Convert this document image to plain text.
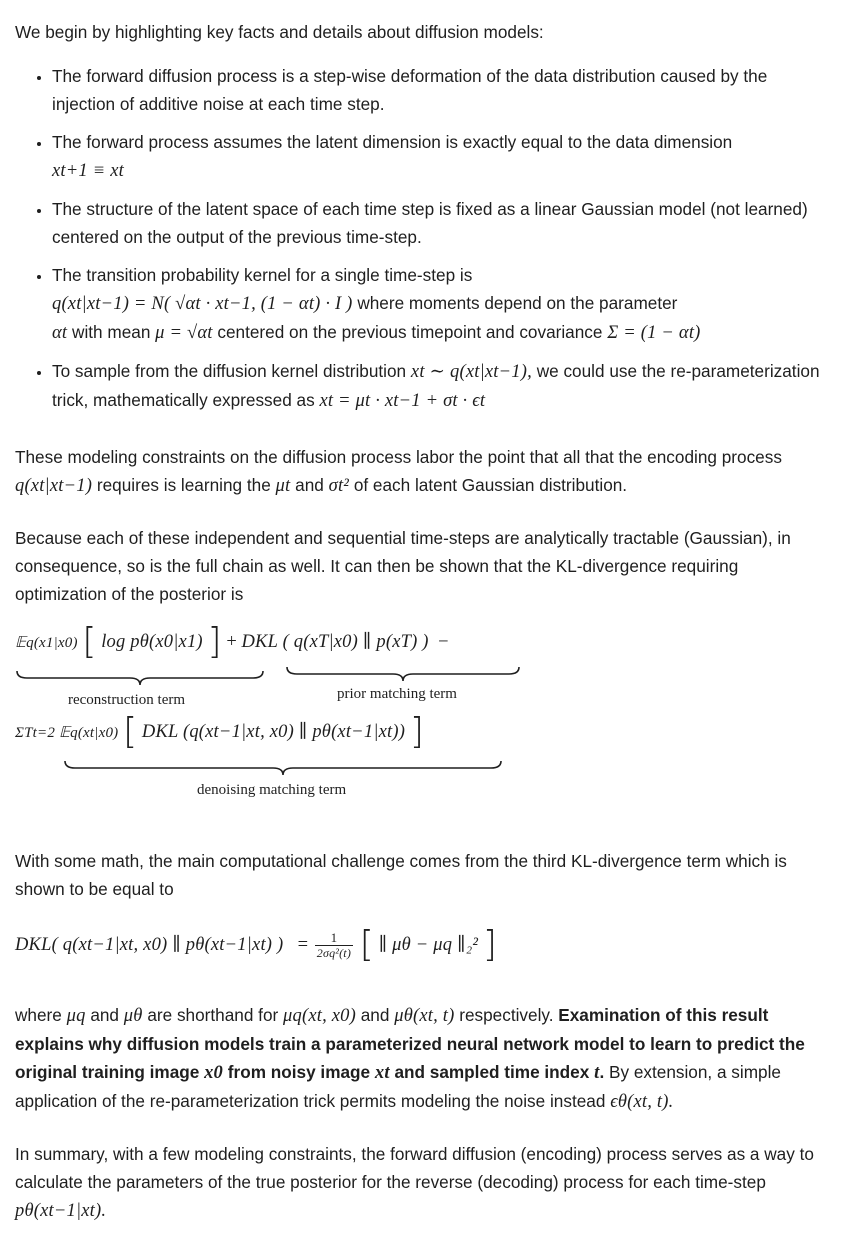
We begin by highlighting key facts and details about diffusion models:

• The forward diffusion process is a step-wise deformation of the data distribution caused by the injection of additive noise at each time step.
• The forward process assumes the latent dimension is exactly equal to the data dimension
xt+1 ≡ xt
• The structure of the latent space of each time step is fixed as a linear Gaussian model (not learned) centered on the output of the previous time-step.
• The transition probability kernel for a single time-step is
q(xt|xt−1) = N( √αt · xt−1, (1 − αt) · I ) where moments depend on the parameter
αt with mean μ = √αt centered on the previous timepoint and covariance Σ = (1 − αt)
• To sample from the diffusion kernel distribution xt ∼ q(xt|xt−1), we could use the re-parameterization trick, mathematically expressed as xt = μt · xt−1 + σt · ϵt

These modeling constraints on the diffusion process labor the point that all that the encoding process q(xt|xt−1) requires is learning the μt and σt² of each latent Gaussian distribution.

Because each of these independent and sequential time-steps are analytically tractable (Gaussian), in consequence, so is the full chain as well. It can then be shown that the KL-divergence requiring optimization of the posterior is

𝔼q(x1|x0) [ log pθ(x0|x1) ] + DKL ( q(xT|x0) ∥ p(xT) ) −
reconstruction term	prior matching term
ΣTt=2 𝔼q(xt|x0) [ DKL (q(xt−1|xt, x0) ∥ pθ(xt−1|xt)) ]
denoising matching term

With some math, the main computational challenge comes from the third KL-divergence term which is shown to be equal to

DKL( q(xt−1|xt, x0) ∥ pθ(xt−1|xt) ) = $\frac{1}{\text{2σq²(t)}}$ [ ∥ μθ − μq ∥₂² ]

where μq and μθ are shorthand for μq(xt, x0) and μθ(xt, t) respectively. Examination of this result explains why diffusion models train a parameterized neural network model to learn to predict the original training image x0 from noisy image xt and sampled time index t. By extension, a simple application of the re-parameterization trick permits modeling the noise instead ϵθ(xt, t).

In summary, with a few modeling constraints, the forward diffusion (encoding) process serves as a way to calculate the parameters of the true posterior for the reverse (decoding) process for each time-step pθ(xt−1|xt).
